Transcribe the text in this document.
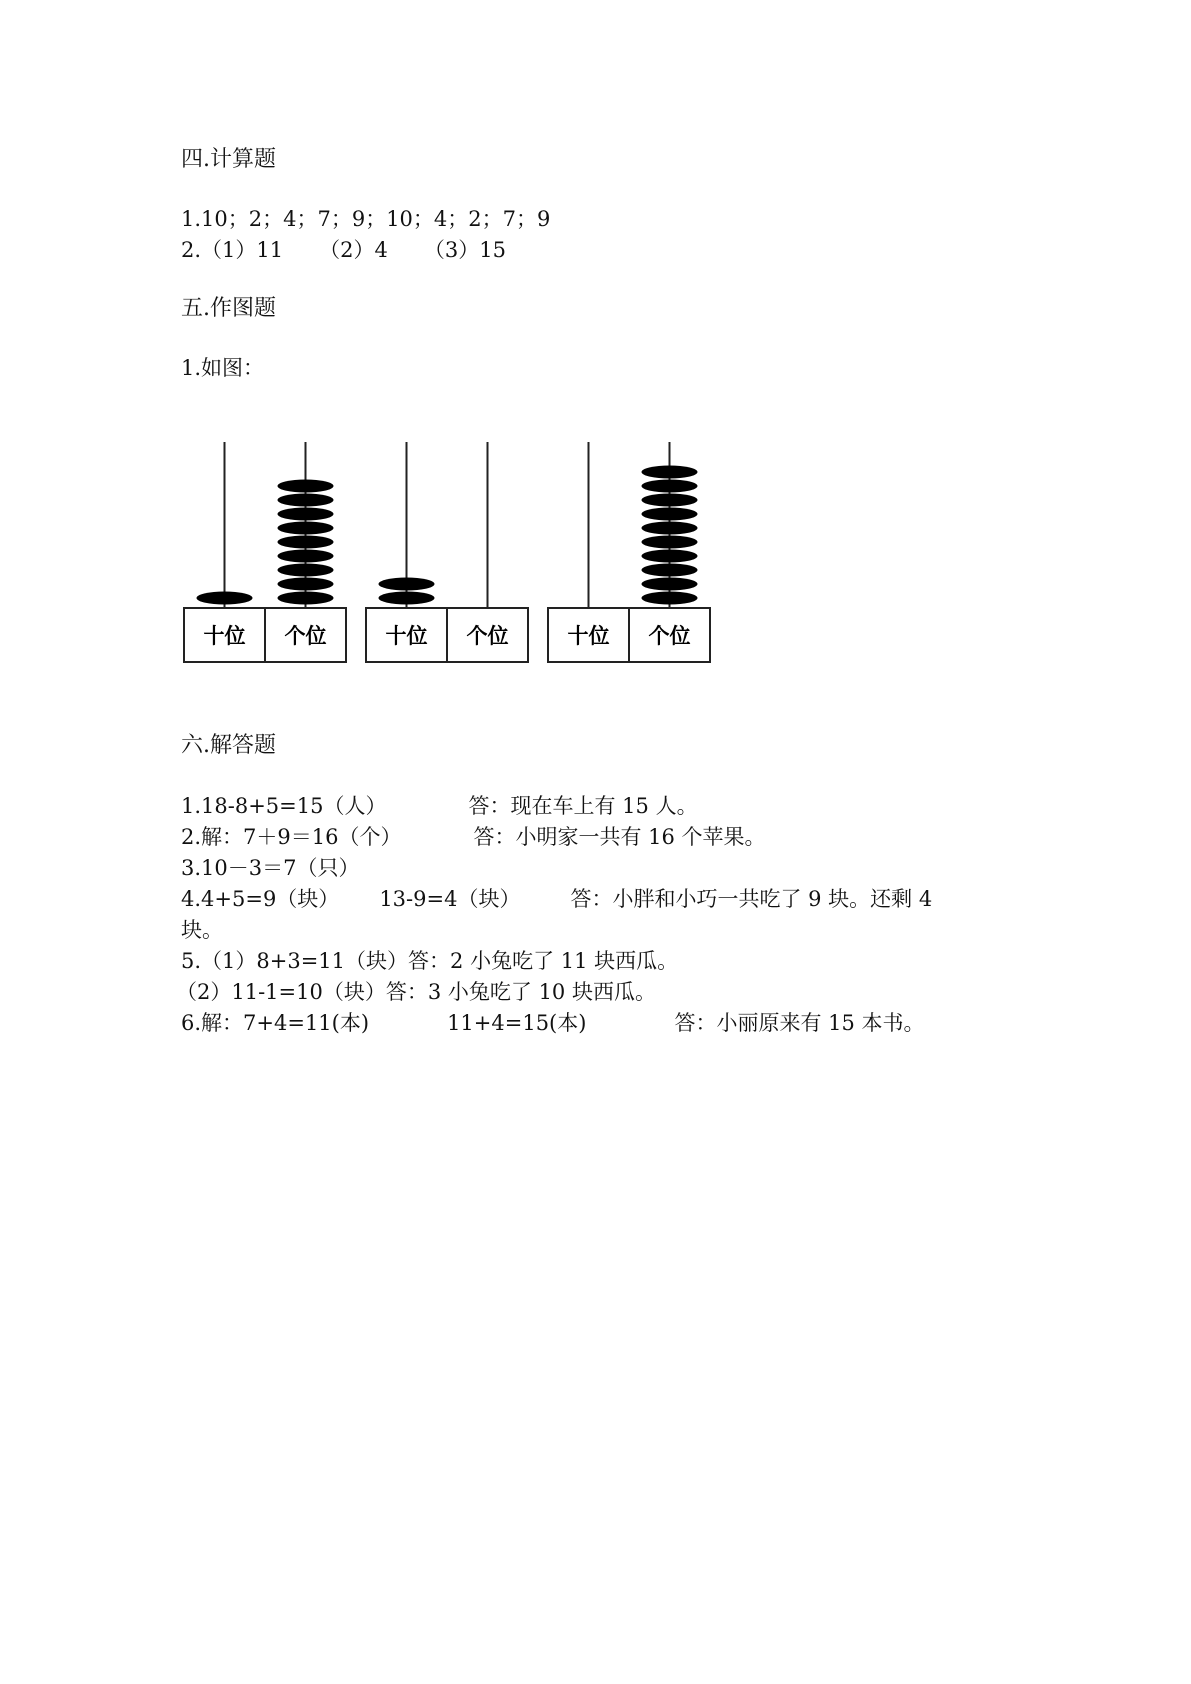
四.计算题
1.10；2；4；7；9；10；4；2；7；9
2.（1）11 （2）4 （3）15
五.作图题
1.如图：
十位 个位	十位 个位	十位 个位
六.解答题
1.18-8+5=15（人）	答：现在车上有 15 人。
2.解：7＋9＝16（个）	答：小明家一共有 16 个苹果。
3.10－3＝7（只）
4.4+5=9（块） 13-9=4（块） 答：小胖和小巧一共吃了 9 块。还剩 4
块。
5.（1）8+3=11（块）答：2 小兔吃了 11 块西瓜。
（2）11-1=10（块）答：3 小兔吃了 10 块西瓜。
6.解：7+4=11(本)	11+4=15(本)	答：小丽原来有 15 本书。
